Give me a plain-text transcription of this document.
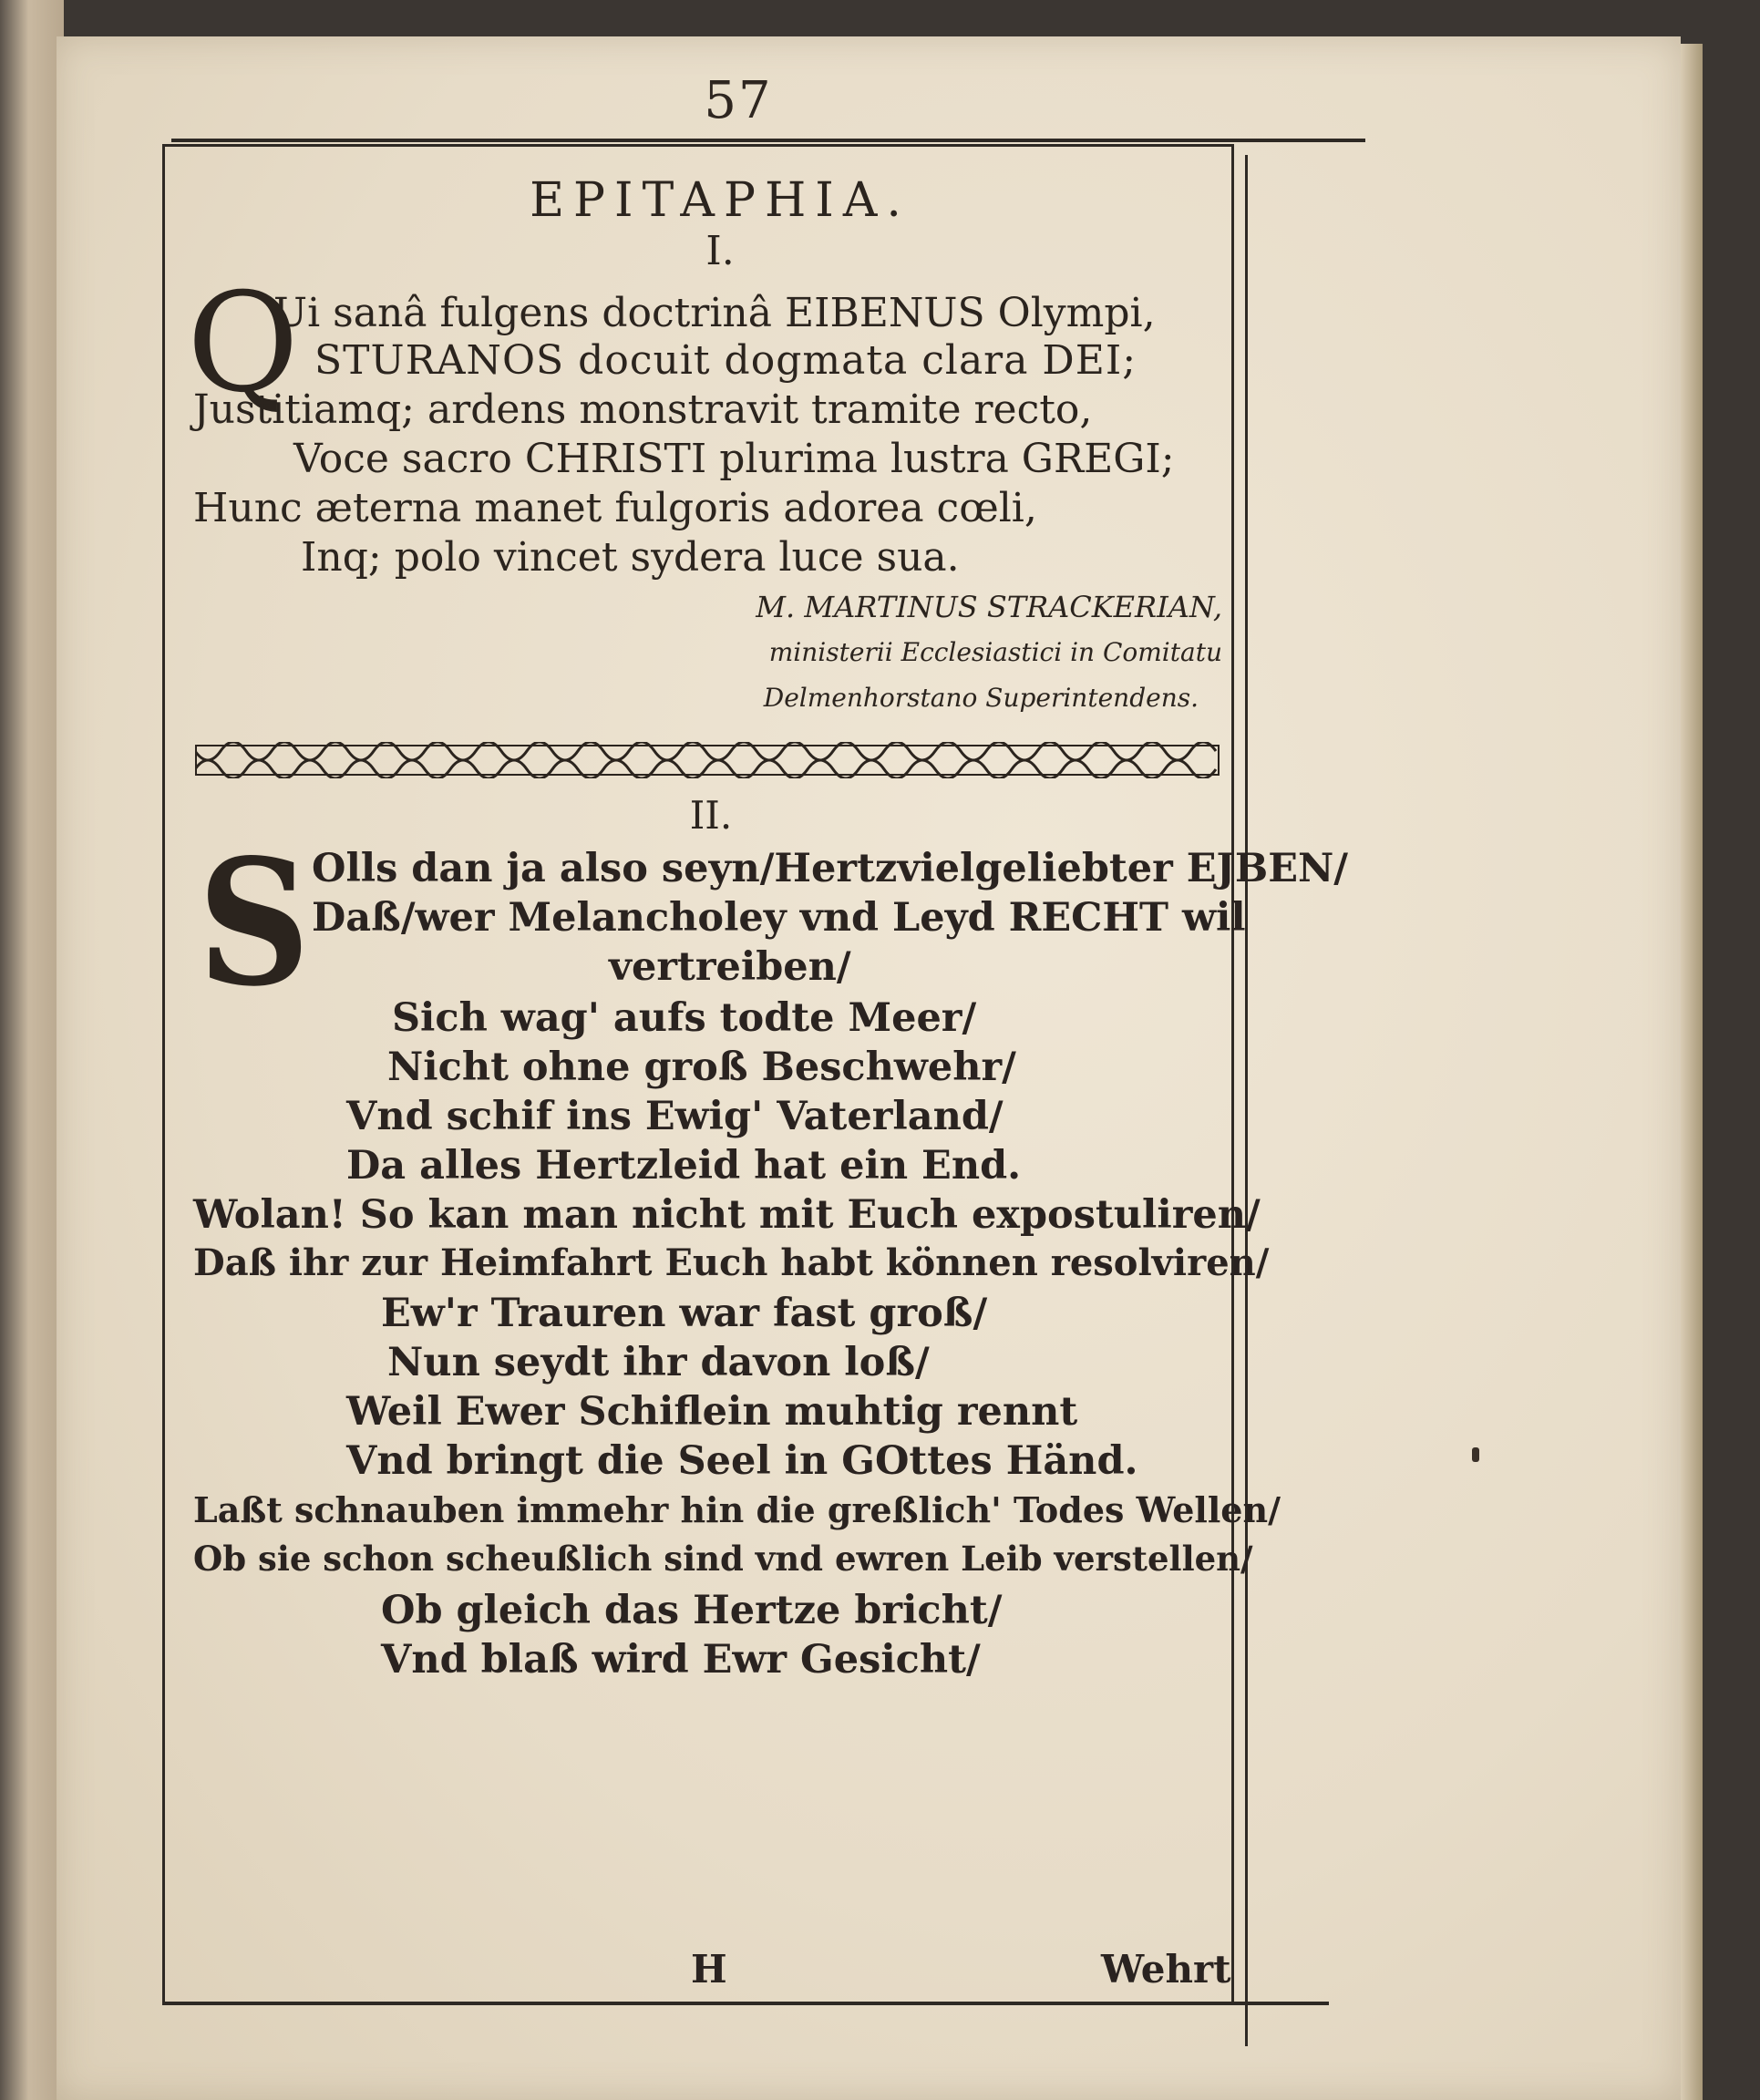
57
EPITAPHIA.
I.
Q
Ui sanâ fulgens doctrinâ EIBENUS Olympi,
STURANOS docuit dogmata clara DEI;
Justitiamq; ardens monstravit tramite recto,
Voce sacro CHRISTI plurima lustra GREGI;
Hunc æterna manet fulgoris adorea cœli,
Inq; polo vincet sydera luce sua.
M. MARTINUS STRACKERIAN,
ministerii Ecclesiastici in Comitatu
Delmenhorstano Superintendens.
II.
S Olls dan ja also seyn/Hertzvielgeliebter EJBEN/
Daß/wer Melancholey vnd Leyd RECHT wil
vertreiben/
Sich wag' aufs todte Meer/
Nicht ohne groß Beschwehr/
Vnd schif ins Ewig' Vaterland/
Da alles Hertzleid hat ein End.
Wolan! So kan man nicht mit Euch expostuliren/
Daß ihr zur Heimfahrt Euch habt können resolviren/
Ew'r Trauren war fast groß/
Nun seydt ihr davon loß/
Weil Ewer Schiflein muhtig rennt
Vnd bringt die Seel in GOttes Händ.
Laßt schnauben immehr hin die greßlich' Todes Wellen/
Ob sie schon scheußlich sind vnd ewren Leib verstellen/
Ob gleich das Hertze bricht/
Vnd blaß wird Ewr Gesicht/
H	Wehrt
